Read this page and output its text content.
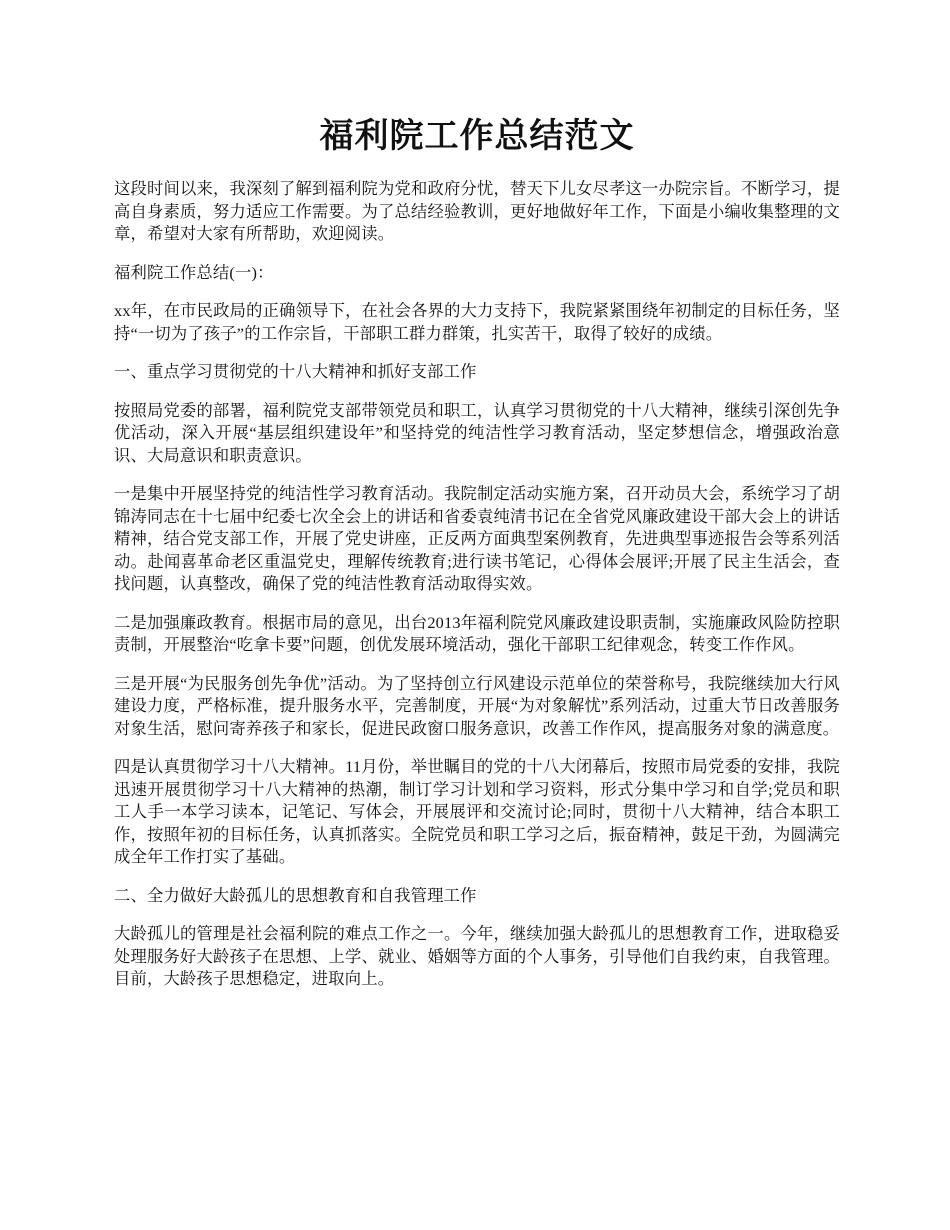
福利院工作总结范文

这段时间以来，我深刻了解到福利院为党和政府分忧，替天下儿女尽孝这一办院宗旨。不断学习，提高自身素质，努力适应工作需要。为了总结经验教训，更好地做好年工作，下面是小编收集整理的文章，希望对大家有所帮助，欢迎阅读。

福利院工作总结(一)：

xx年，在市民政局的正确领导下，在社会各界的大力支持下，我院紧紧围绕年初制定的目标任务，坚持“一切为了孩子”的工作宗旨，干部职工群力群策，扎实苦干，取得了较好的成绩。

一、重点学习贯彻党的十八大精神和抓好支部工作

按照局党委的部署，福利院党支部带领党员和职工，认真学习贯彻党的十八大精神，继续引深创先争优活动，深入开展“基层组织建设年”和坚持党的纯洁性学习教育活动，坚定梦想信念，增强政治意识、大局意识和职责意识。

一是集中开展坚持党的纯洁性学习教育活动。我院制定活动实施方案，召开动员大会，系统学习了胡锦涛同志在十七届中纪委七次全会上的讲话和省委袁纯清书记在全省党风廉政建设干部大会上的讲话精神，结合党支部工作，开展了党史讲座，正反两方面典型案例教育，先进典型事迹报告会等系列活动。赴闻喜革命老区重温党史，理解传统教育;进行读书笔记，心得体会展评;开展了民主生活会，查找问题，认真整改，确保了党的纯洁性教育活动取得实效。

二是加强廉政教育。根据市局的意见，出台2013年福利院党风廉政建设职责制，实施廉政风险防控职责制，开展整治“吃拿卡要”问题，创优发展环境活动，强化干部职工纪律观念，转变工作作风。

三是开展“为民服务创先争优”活动。为了坚持创立行风建设示范单位的荣誉称号，我院继续加大行风建设力度，严格标准，提升服务水平，完善制度，开展“为对象解忧”系列活动，过重大节日改善服务对象生活，慰问寄养孩子和家长，促进民政窗口服务意识，改善工作作风，提高服务对象的满意度。

四是认真贯彻学习十八大精神。11月份，举世瞩目的党的十八大闭幕后，按照市局党委的安排，我院迅速开展贯彻学习十八大精神的热潮，制订学习计划和学习资料，形式分集中学习和自学;党员和职工人手一本学习读本，记笔记、写体会，开展展评和交流讨论;同时，贯彻十八大精神，结合本职工作，按照年初的目标任务，认真抓落实。全院党员和职工学习之后，振奋精神，鼓足干劲，为圆满完成全年工作打实了基础。

二、全力做好大龄孤儿的思想教育和自我管理工作

大龄孤儿的管理是社会福利院的难点工作之一。今年，继续加强大龄孤儿的思想教育工作，进取稳妥处理服务好大龄孩子在思想、上学、就业、婚姻等方面的个人事务，引导他们自我约束，自我管理。目前，大龄孩子思想稳定，进取向上。
